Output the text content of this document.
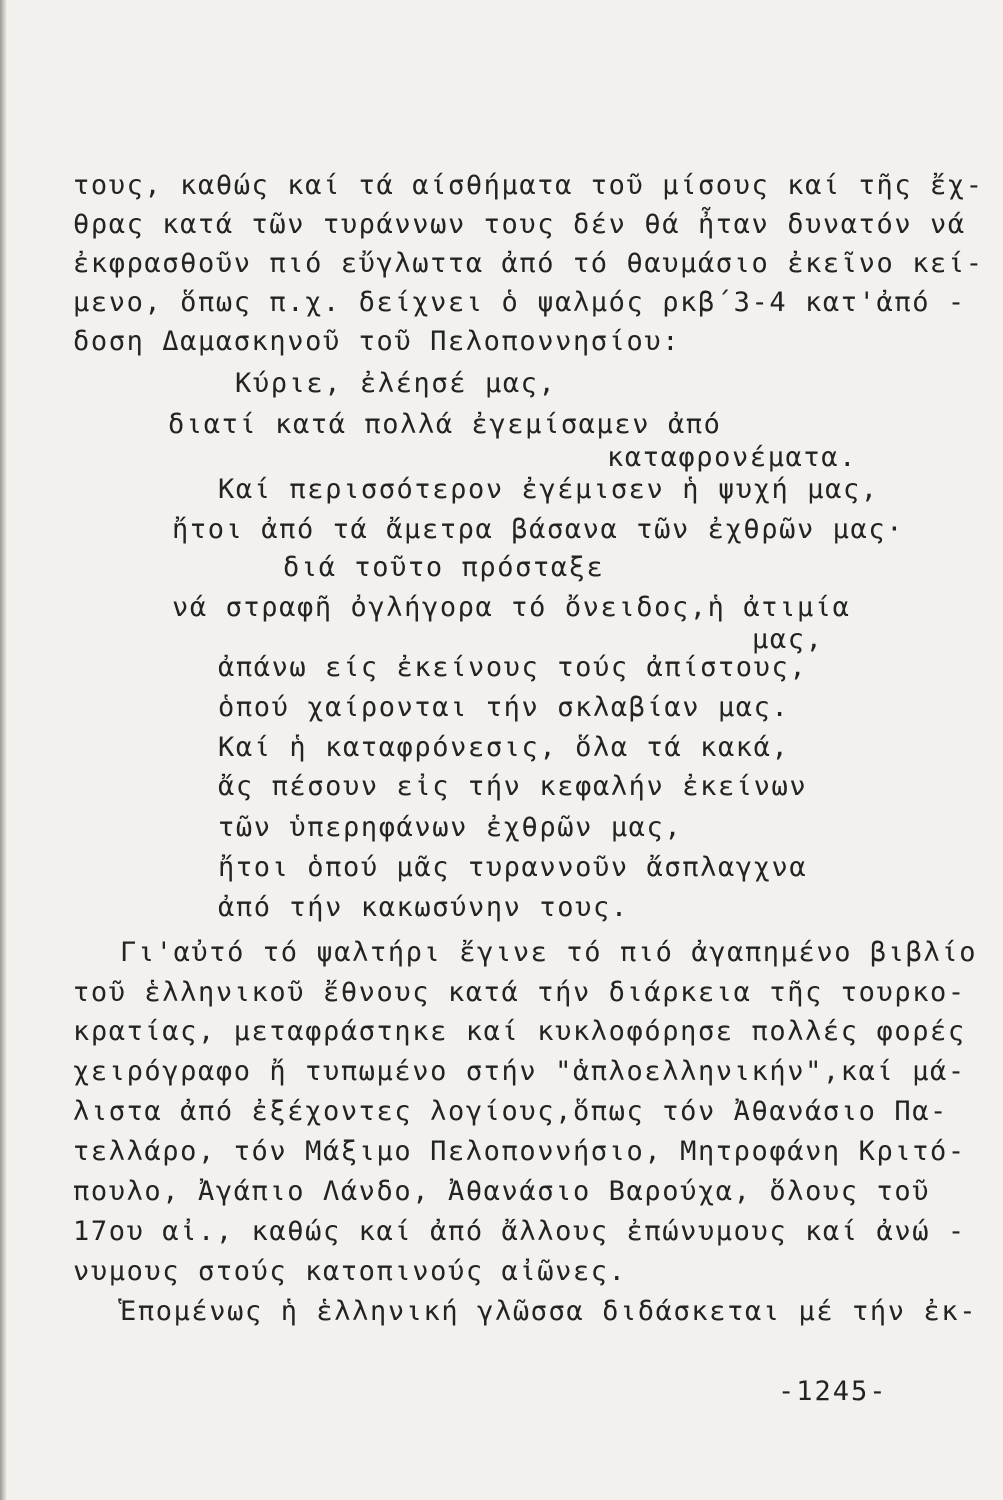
τους, καθώς καί τά αίσθήματα τοῦ μίσους καί τῆς ἔχ-
θρας κατά τῶν τυράννων τους δέν θά ἦταν δυνατόν νά
ἐκφρασθοῦν πιό εὔγλωττα ἀπό τό θαυμάσιο ἐκεῖνο κεί-
μενο, ὅπως π.χ. δείχνει ὁ ψαλμός ρκβ΄3-4 κατ'ἀπό -
δοση Δαμασκηνοῦ τοῦ Πελοποννησίου:
Κύριε, ἐλέησέ μας,
διατί κατά πολλά ἐγεμίσαμεν ἀπό
καταφρονέματα.
Καί περισσότερον ἐγέμισεν ἡ ψυχή μας,
ἤτοι ἀπό τά ἄμετρα βάσανα τῶν ἐχθρῶν μας·
διά τοῦτο πρόσταξε
νά στραφῆ ὀγλήγορα τό ὄνειδος,ἡ ἀτιμία
μας,
ἀπάνω είς ἐκείνους τούς ἀπίστους,
ὁπού χαίρονται τήν σκλαβίαν μας.
Καί ἡ καταφρόνεσις, ὅλα τά κακά,
ἄς πέσουν εἰς τήν κεφαλήν ἐκείνων
τῶν ὑπερηφάνων ἐχθρῶν μας,
ἤτοι ὁπού μᾶς τυραννοῦν ἄσπλαγχνα
ἀπό τήν κακωσύνην τους.
Γι'αὐτό τό ψαλτήρι ἔγινε τό πιό ἀγαπημένο βιβλίο
τοῦ ἑλληνικοῦ ἔθνους κατά τήν διάρκεια τῆς τουρκο-
κρατίας, μεταφράστηκε καί κυκλοφόρησε πολλές φορές
χειρόγραφο ἤ τυπωμένο στήν "ἁπλοελληνικήν",καί μά-
λιστα ἀπό ἐξέχοντες λογίους,ὅπως τόν Ἀθανάσιο Πα-
τελλάρο, τόν Μάξιμο Πελοποννήσιο, Μητροφάνη Κριτό-
πουλο, Ἀγάπιο Λάνδο, Ἀθανάσιο Βαρούχα, ὅλους τοῦ
17ου αἰ., καθώς καί ἀπό ἄλλους ἐπώνυμους καί ἀνώ -
νυμους στούς κατοπινούς αἰῶνες.
Ἑπομένως ἡ ἑλληνική γλῶσσα διδάσκεται μέ τήν ἐκ-
-1245-
